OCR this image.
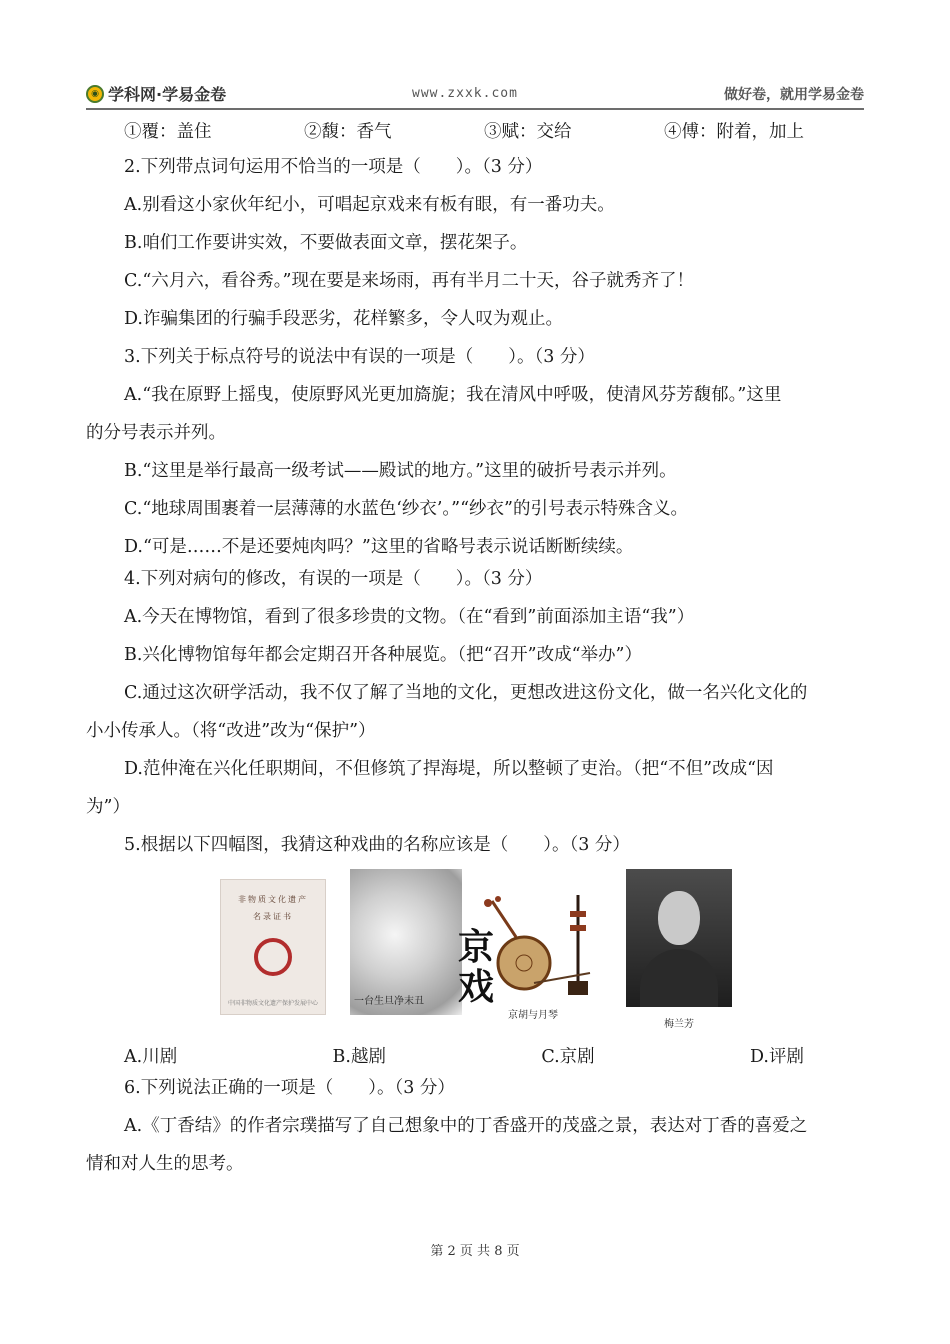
◉ 学科网·学易金卷	www.zxxk.com	做好卷，就用学易金卷
①覆：盖住	②馥：香气	③赋：交给	④傅：附着，加上

2.下列带点词句运用不恰当的一项是（　　）。（3 分）

A.别看这小家伙年纪小，可唱起京戏来有板有眼，有一番功夫。

B.咱们工作要讲实效，不要做表面文章，摆花架子。

C.“六月六，看谷秀。”现在要是来场雨，再有半月二十天，谷子就秀齐了！

D.诈骗集团的行骗手段恶劣，花样繁多，令人叹为观止。

3.下列关于标点符号的说法中有误的一项是（　　）。（3 分）

A.“我在原野上摇曳，使原野风光更加旖旎；我在清风中呼吸，使清风芬芳馥郁。”这里

的分号表示并列。

B.“这里是举行最高一级考试——殿试的地方。”这里的破折号表示并列。

C.“地球周围裹着一层薄薄的水蓝色‘纱衣’。”“纱衣”的引号表示特殊含义。

D.“可是……不是还要炖肉吗？”这里的省略号表示说话断断续续。

4.下列对病句的修改，有误的一项是（　　）。（3 分）

A.今天在博物馆，看到了很多珍贵的文物。（在“看到”前面添加主语“我”）

B.兴化博物馆每年都会定期召开各种展览。（把“召开”改成“举办”）

C.通过这次研学活动，我不仅了解了当地的文化，更想改进这份文化，做一名兴化文化的

小小传承人。（将“改进”改为“保护”）

D.范仲淹在兴化任职期间，不但修筑了捍海堤，所以整顿了吏治。（把“不但”改成“因

为”）

5.根据以下四幅图，我猜这种戏曲的名称应该是（　　）。（3 分）

非物质文化遗产
名录证书
中国非物质文化遗产保护发展中心	一台生旦净末丑
京戏
京胡与月琴
梅兰芳
A.川剧	B.越剧	C.京剧	D.评剧

6.下列说法正确的一项是（　　）。（3 分）

A.《丁香结》的作者宗璞描写了自己想象中的丁香盛开的茂盛之景，表达对丁香的喜爱之

情和对人生的思考。

第 2 页 共 8 页
